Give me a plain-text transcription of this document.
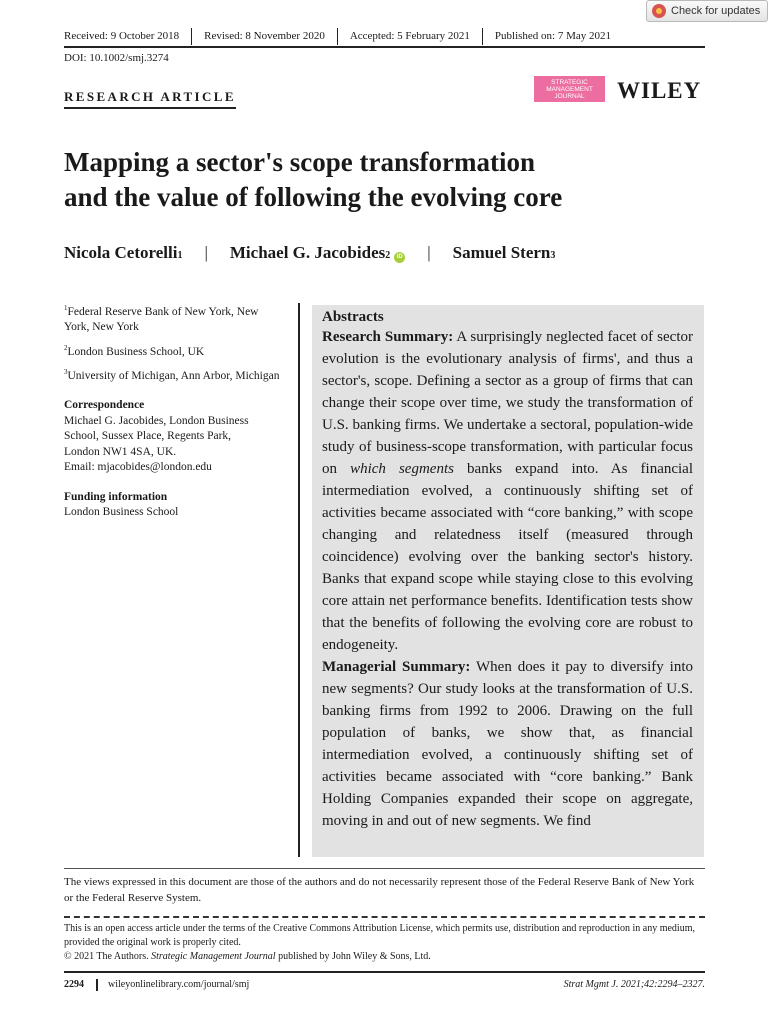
Check for updates
Received: 9 October 2018	Revised: 8 November 2020	Accepted: 5 February 2021	Published on: 7 May 2021
DOI: 10.1002/smj.3274
RESEARCH ARTICLE
STRATEGIC
MANAGEMENT
JOURNAL WILEY
Mapping a sector's scope transformation
and the value of following the evolving core
Nicola Cetorelli 1 | Michael G. Jacobides 2	iD | Samuel Stern 3

$^1$Federal Reserve Bank of New York, New York, New York

$^2$London Business School, UK

$^3$University of Michigan, Ann Arbor, Michigan

Correspondence

Michael G. Jacobides, London Business
School, Sussex Place, Regents Park,
London NW1 4SA, UK.
Email: mjacobides@london.edu

Funding information

London Business School
Abstracts

Research Summary: A surprisingly neglected facet of sector evolution is the evolutionary analysis of firms', and thus a sector's, scope. Defining a sector as a group of firms that can change their scope over time, we study the transformation of U.S. banking firms. We undertake a sectoral, population-wide study of business-scope transformation, with particular focus on which segments banks expand into. As financial intermediation evolved, a continuously shifting set of activities became associated with “core banking,” with scope changing and relatedness itself (measured through coincidence) evolving over the banking sector's history. Banks that expand scope while staying close to this evolving core attain net performance benefits. Identification tests show that the benefits of following the evolving core are robust to endogeneity.

Managerial Summary: When does it pay to diversify into new segments? Our study looks at the transformation of U.S. banking firms from 1992 to 2006. Drawing on the full population of banks, we show that, as financial intermediation evolved, a continuously shifting set of activities became associated with “core banking.” Bank Holding Companies expanded their scope on aggregate, moving in and out of new segments. We find

The views expressed in this document are those of the authors and do not necessarily represent those of the Federal Reserve Bank of New York or the Federal Reserve System.
This is an open access article under the terms of the Creative Commons Attribution License, which permits use, distribution and reproduction in any medium, provided the original work is properly cited.
© 2021 The Authors. Strategic Management Journal published by John Wiley & Sons, Ltd.
2294	wileyonlinelibrary.com/journal/smj	Strat Mgmt J. 2021;42:2294–2327.
